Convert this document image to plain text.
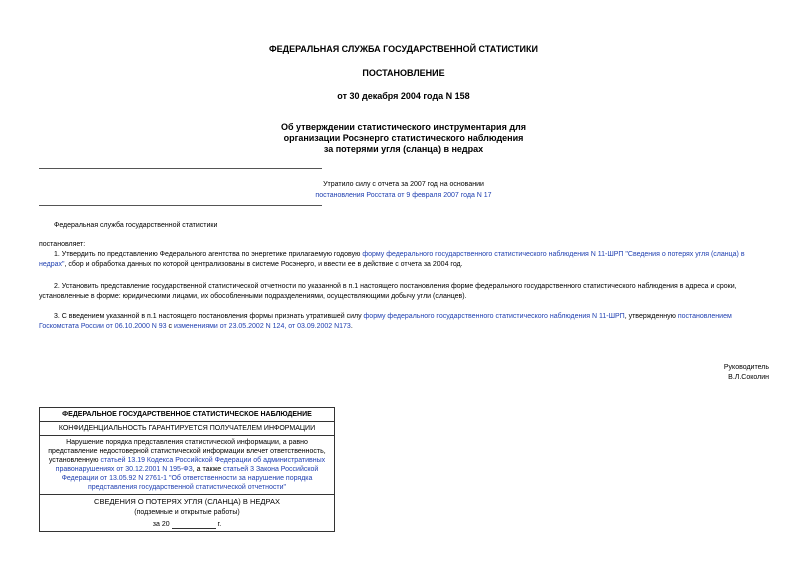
ФЕДЕРАЛЬНАЯ СЛУЖБА ГОСУДАРСТВЕННОЙ СТАТИСТИКИ
ПОСТАНОВЛЕНИЕ
от 30 декабря 2004 года N 158
Об утверждении статистического инструментария для
организации Росэнерго статистического наблюдения
за потерями угля (сланца) в недрах
Утратило силу с отчета за 2007 год на основании
постановления Росстата от 9 февраля 2007 года N 17
Федеральная служба государственной статистики
постановляет:
1. Утвердить по представлению Федерального агентства по энергетике прилагаемую годовую форму федерального государственного статистического наблюдения N 11-ШРП "Сведения о потерях угля (сланца) в недрах", сбор и обработка данных по которой централизованы в системе Росэнерго, и ввести ее в действие с отчета за 2004 год.
2. Установить представление государственной статистической отчетности по указанной в п.1 настоящего постановления форме федерального государственного статистического наблюдения в адреса и сроки, установленные в форме: юридическими лицами, их обособленными подразделениями, осуществляющими добычу угли (сланцев).
3. С введением указанной в п.1 настоящего постановления формы признать утратившей силу форму федерального государственного статистического наблюдения N 11-ШРП, утвержденную постановлением Госкомстата России от 06.10.2000 N 93 с изменениями от 23.05.2002 N 124, от 03.09.2002 N173.
Руководитель
В.Л.Соколин
ФЕДЕРАЛЬНОЕ ГОСУДАРСТВЕННОЕ СТАТИСТИЧЕСКОЕ НАБЛЮДЕНИЕ
КОНФИДЕНЦИАЛЬНОСТЬ ГАРАНТИРУЕТСЯ ПОЛУЧАТЕЛЕМ ИНФОРМАЦИИ
Нарушение порядка представления статистической информации, а равно представление недостоверной статистической информации влечет ответственность, установленную статьей 13.19 Кодекса Российской Федерации об административных правонарушениях от 30.12.2001 N 195-ФЗ, а также статьей 3 Закона Российской Федерации от 13.05.92 N 2761-1 "Об ответственности за нарушение порядка представления государственной статистической отчетности"

СВЕДЕНИЯ О ПОТЕРЯХ УГЛЯ (СЛАНЦА) В НЕДРАХ
(подземные и открытые работы)
за 20	г.
